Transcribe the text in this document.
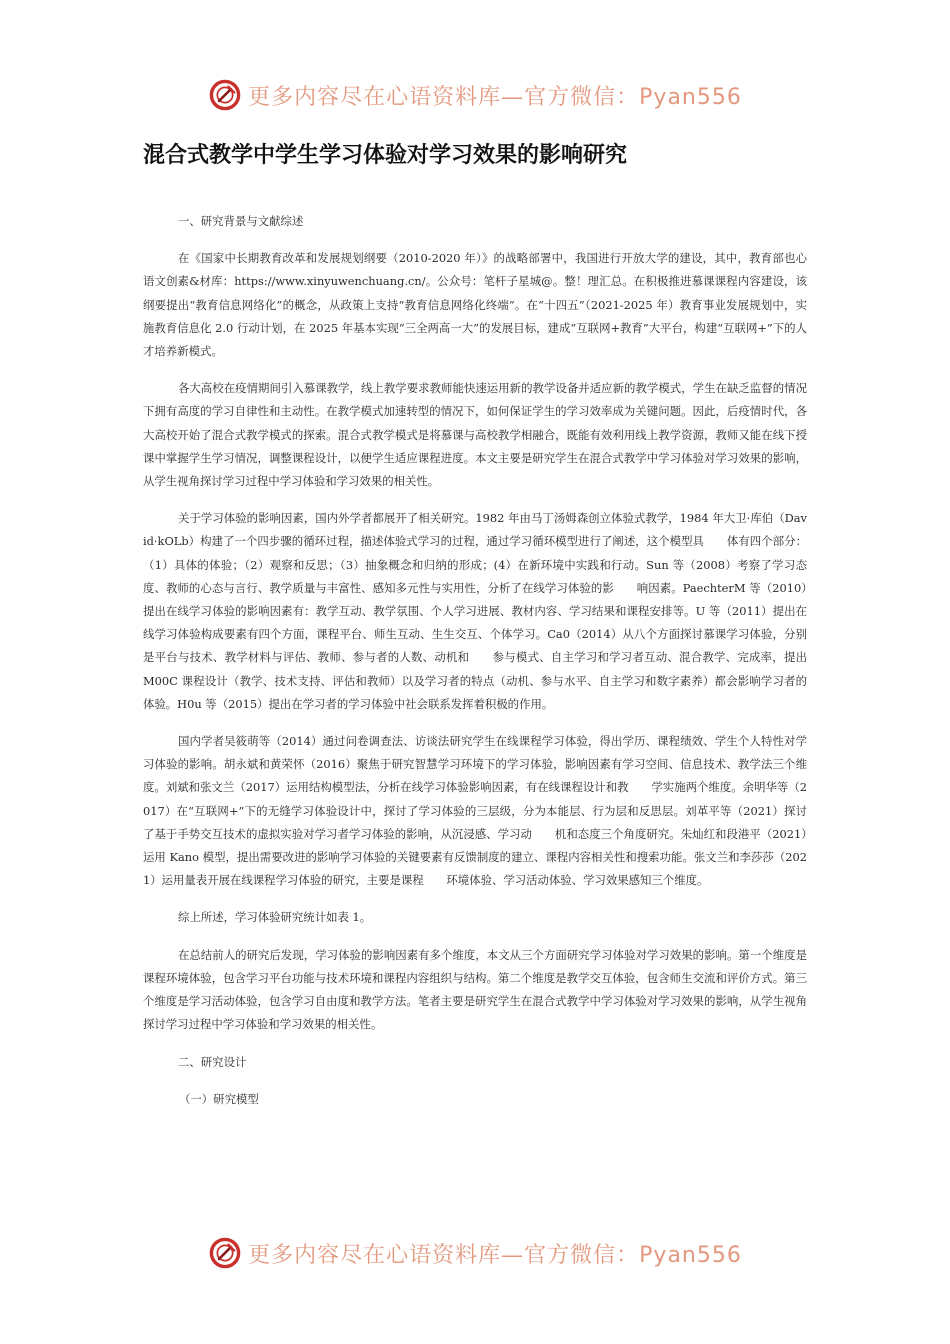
更多内容尽在心语资料库—官方微信：Pyan556
混合式教学中学生学习体验对学习效果的影响研究

一、研究背景与文献综述

在《国家中长期教育改革和发展规划纲要（2010-2020 年）》的战略部署中，我国进行开放大学的建设，其中，教育部也心语文创素&材库：https://www.xinyuwenchuang.cn/。公众号：笔杆子星城@。整！理汇总。在积极推进慕课课程内容建设，该纲要提出“教育信息网络化”的概念，从政策上支持“教育信息网络化终端”。在“十四五”（2021-2025 年）教育事业发展规划中，实施教育信息化 2.0 行动计划，在 2025 年基本实现“三全两高一大”的发展目标，建成“互联网+教育”大平台，构建“互联网+”下的人才培养新模式。

各大高校在疫情期间引入慕课教学，线上教学要求教师能快速运用新的教学设备并适应新的教学模式，学生在缺乏监督的情况下拥有高度的学习自律性和主动性。在教学模式加速转型的情况下，如何保证学生的学习效率成为关键问题。因此，后疫情时代，各大高校开始了混合式教学模式的探索。混合式教学模式是将慕课与高校教学相融合，既能有效利用线上教学资源，教师又能在线下授课中掌握学生学习情况，调整课程设计，以便学生适应课程进度。本文主要是研究学生在混合式教学中学习体验对学习效果的影响，从学生视角探讨学习过程中学习体验和学习效果的相关性。

关于学习体验的影响因素，国内外学者都展开了相关研究。1982 年由马丁汤姆森创立体验式教学，1984 年大卫·库伯（David·kOLb）构建了一个四步骤的循环过程，描述体验式学习的过程，通过学习循环模型进行了阐述，这个模型具　　体有四个部分：（1）具体的体验；（2）观察和反思；（3）抽象概念和归纳的形成；(4）在新环境中实践和行动。Sun 等（2008）考察了学习态度、教师的心态与言行、教学质量与丰富性、感知多元性与实用性，分析了在线学习体验的影　　响因素。PaechterM 等（2010）提出在线学习体验的影响因素有：教学互动、教学氛围、个人学习进展、教材内容、学习结果和课程安排等。U 等（2011）提出在线学习体验构成要素有四个方面，课程平台、师生互动、生生交互、个体学习。Ca0（2014）从八个方面探讨慕课学习体验，分别是平台与技术、教学材料与评估、教师、参与者的人数、动机和　　参与模式、自主学习和学习者互动、混合教学、完成率，提出 M00C 课程设计（教学、技术支持、评估和教师）以及学习者的特点（动机、参与水平、自主学习和数字素养）都会影响学习者的体验。H0u 等（2015）提出在学习者的学习体验中社会联系发挥着积极的作用。

国内学者吴筱萌等（2014）通过问卷调查法、访谈法研究学生在线课程学习体验，得出学历、课程绩效、学生个人特性对学习体验的影响。胡永斌和黄荣怀（2016）聚焦于研究智慧学习环境下的学习体验，影响因素有学习空间、信息技术、教学法三个维度。刘斌和张文兰（2017）运用结构模型法，分析在线学习体验影响因素，有在线课程设计和教　　学实施两个维度。余明华等（2017）在“互联网+”下的无缝学习体验设计中，探讨了学习体验的三层级，分为本能层、行为层和反思层。刘革平等（2021）探讨了基于手势交互技术的虚拟实验对学习者学习体验的影响，从沉浸感、学习动　　机和态度三个角度研究。朱灿红和段港平（2021）运用 Kano 模型，提出需要改进的影响学习体验的关键要素有反馈制度的建立、课程内容相关性和搜索功能。张文兰和李莎莎（2021）运用量表开展在线课程学习体验的研究，主要是课程　　环境体验、学习活动体验、学习效果感知三个维度。

综上所述，学习体验研究统计如表 1。

在总结前人的研究后发现，学习体验的影响因素有多个维度，本文从三个方面研究学习体验对学习效果的影响。第一个维度是课程环境体验，包含学习平台功能与技术环境和课程内容组织与结构。第二个维度是教学交互体验，包含师生交流和评价方式。第三个维度是学习活动体验，包含学习自由度和教学方法。笔者主要是研究学生在混合式教学中学习体验对学习效果的影响，从学生视角探讨学习过程中学习体验和学习效果的相关性。

二、研究设计

（一）研究模型

更多内容尽在心语资料库—官方微信：Pyan556
